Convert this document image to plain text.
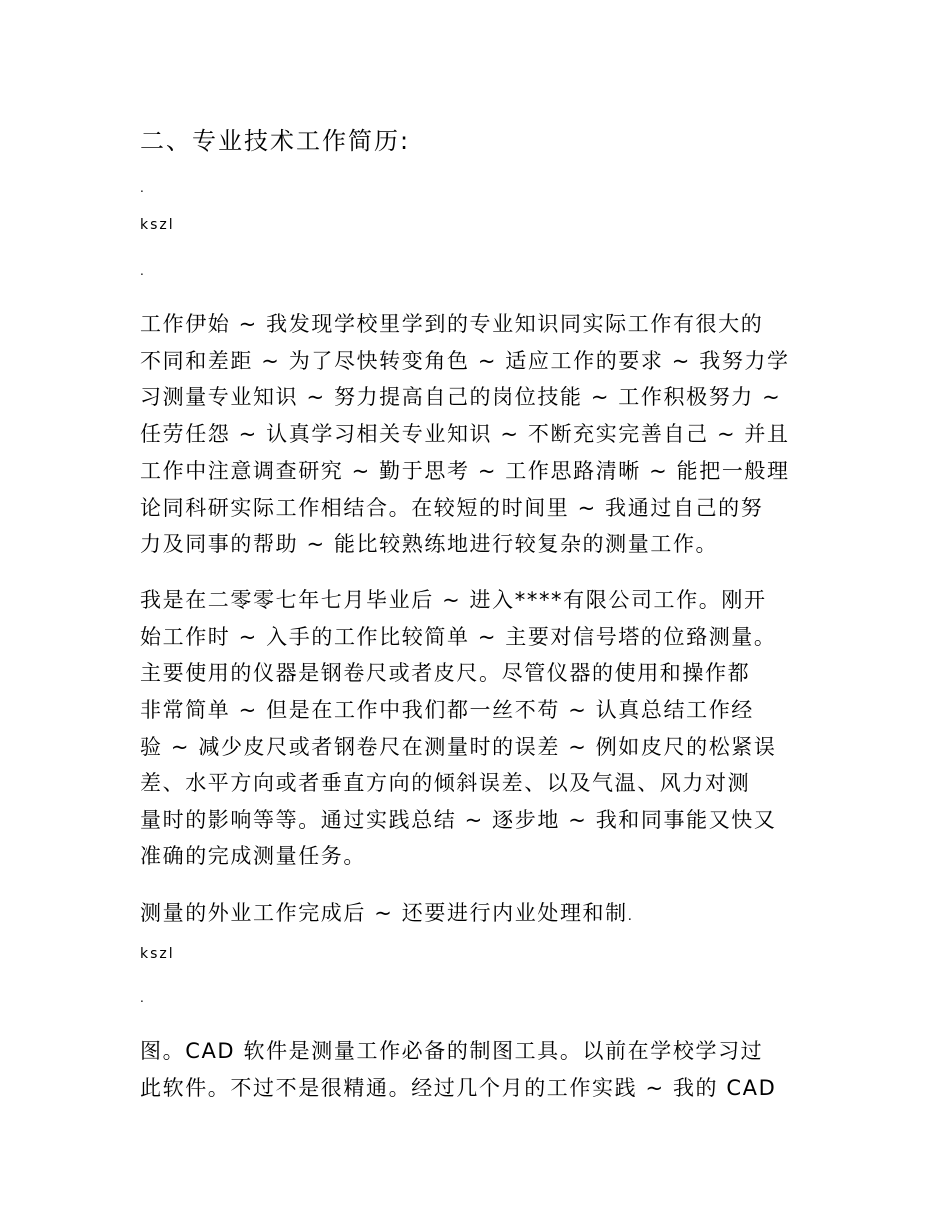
二、专业技术工作简历:
.
kszl
.
工作伊始 ~ 我发现学校里学到的专业知识同实际工作有很大的
不同和差距 ~ 为了尽快转变角色 ~ 适应工作的要求 ~ 我努力学
习测量专业知识 ~ 努力提高自己的岗位技能 ~ 工作积极努力 ~
任劳任怨 ~ 认真学习相关专业知识 ~ 不断充实完善自己 ~ 并且
工作中注意调查研究 ~ 勤于思考 ~ 工作思路清晰 ~ 能把一般理
论同科研实际工作相结合。在较短的时间里 ~ 我通过自己的努
力及同事的帮助 ~ 能比较熟练地进行较复杂的测量工作。
我是在二零零七年七月毕业后 ~ 进入****有限公司工作。刚开
始工作时 ~ 入手的工作比较简单 ~ 主要对信号塔的位臵测量。
主要使用的仪器是钢卷尺或者皮尺。尽管仪器的使用和操作都
非常简单 ~ 但是在工作中我们都一丝不苟 ~ 认真总结工作经
验 ~ 减少皮尺或者钢卷尺在测量时的误差 ~ 例如皮尺的松紧误
差、水平方向或者垂直方向的倾斜误差、以及气温、风力对测
量时的影响等等。通过实践总结 ~ 逐步地 ~ 我和同事能又快又
准确的完成测量任务。
测量的外业工作完成后 ~ 还要进行内业处理和制.
kszl
.
图。CAD 软件是测量工作必备的制图工具。以前在学校学习过
此软件。不过不是很精通。经过几个月的工作实践 ~ 我的 CAD
